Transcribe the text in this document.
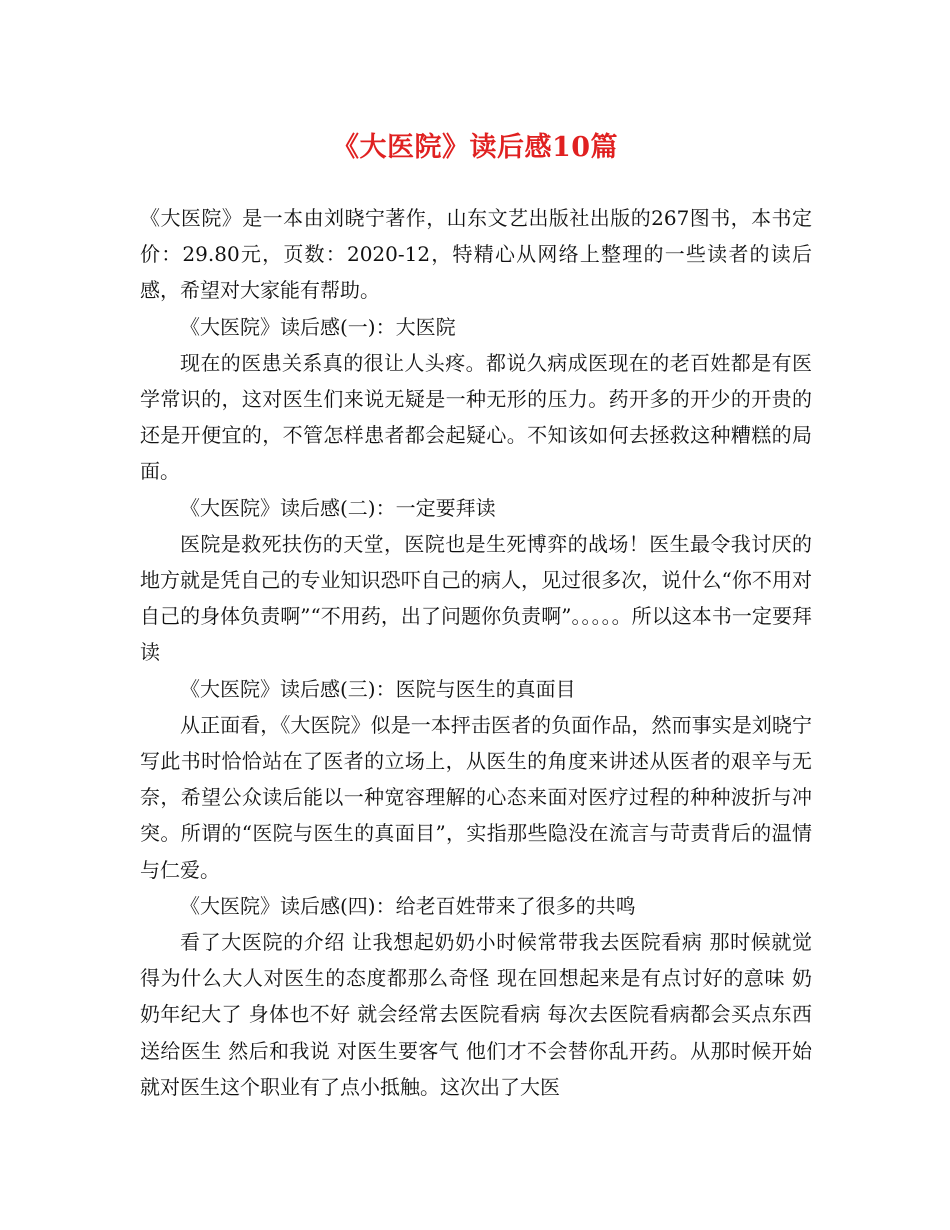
《大医院》读后感10篇

《大医院》是一本由刘晓宁著作，山东文艺出版社出版的267图书，本书定价：29.80元，页数：2020-12，特精心从网络上整理的一些读者的读后感，希望对大家能有帮助。

《大医院》读后感(一)：大医院

现在的医患关系真的很让人头疼。都说久病成医现在的老百姓都是有医学常识的，这对医生们来说无疑是一种无形的压力。药开多的开少的开贵的还是开便宜的，不管怎样患者都会起疑心。不知该如何去拯救这种糟糕的局面。

《大医院》读后感(二)：一定要拜读

医院是救死扶伤的天堂，医院也是生死博弈的战场！医生最令我讨厌的地方就是凭自己的专业知识恐吓自己的病人，见过很多次，说什么“你不用对自己的身体负责啊”“不用药，出了问题你负责啊”。。。。。所以这本书一定要拜读

《大医院》读后感(三)：医院与医生的真面目

从正面看，《大医院》似是一本抨击医者的负面作品，然而事实是刘晓宁写此书时恰恰站在了医者的立场上，从医生的角度来讲述从医者的艰辛与无奈，希望公众读后能以一种宽容理解的心态来面对医疗过程的种种波折与冲突。所谓的“医院与医生的真面目”，实指那些隐没在流言与苛责背后的温情与仁爱。

《大医院》读后感(四)：给老百姓带来了很多的共鸣

看了大医院的介绍 让我想起奶奶小时候常带我去医院看病 那时候就觉得为什么大人对医生的态度都那么奇怪 现在回想起来是有点讨好的意味 奶奶年纪大了 身体也不好 就会经常去医院看病 每次去医院看病都会买点东西送给医生 然后和我说 对医生要客气 他们才不会替你乱开药。从那时候开始就对医生这个职业有了点小抵触。这次出了大医
